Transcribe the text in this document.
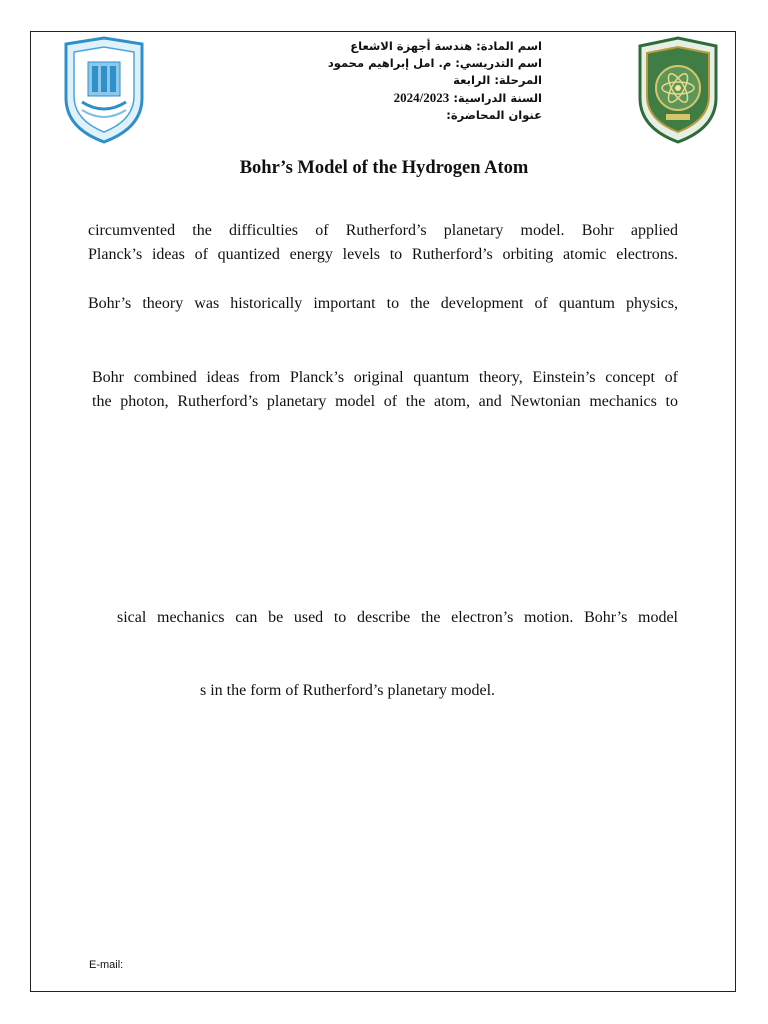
اسم المادة: هندسة أجهزة الاشعاع
اسم التدريسي: م. امل إبراهيم محمود
المرحلة: الرابعة
السنة الدراسية: 2024/2023
عنوان المحاضرة:
Bohr’s Model of the Hydrogen Atom
circumvented the difficulties of Rutherford’s planetary model. Bohr applied
Planck’s ideas of quantized energy levels to Rutherford’s orbiting atomic electrons.
Bohr’s theory was historically important to the development of quantum physics,
Bohr combined ideas from Planck’s original quantum theory, Einstein’s concept of
the photon, Rutherford’s planetary model of the atom, and Newtonian mechanics to
sical mechanics can be used to describe the electron’s motion. Bohr’s model
s in the form of Rutherford’s planetary model.
E-mail:
